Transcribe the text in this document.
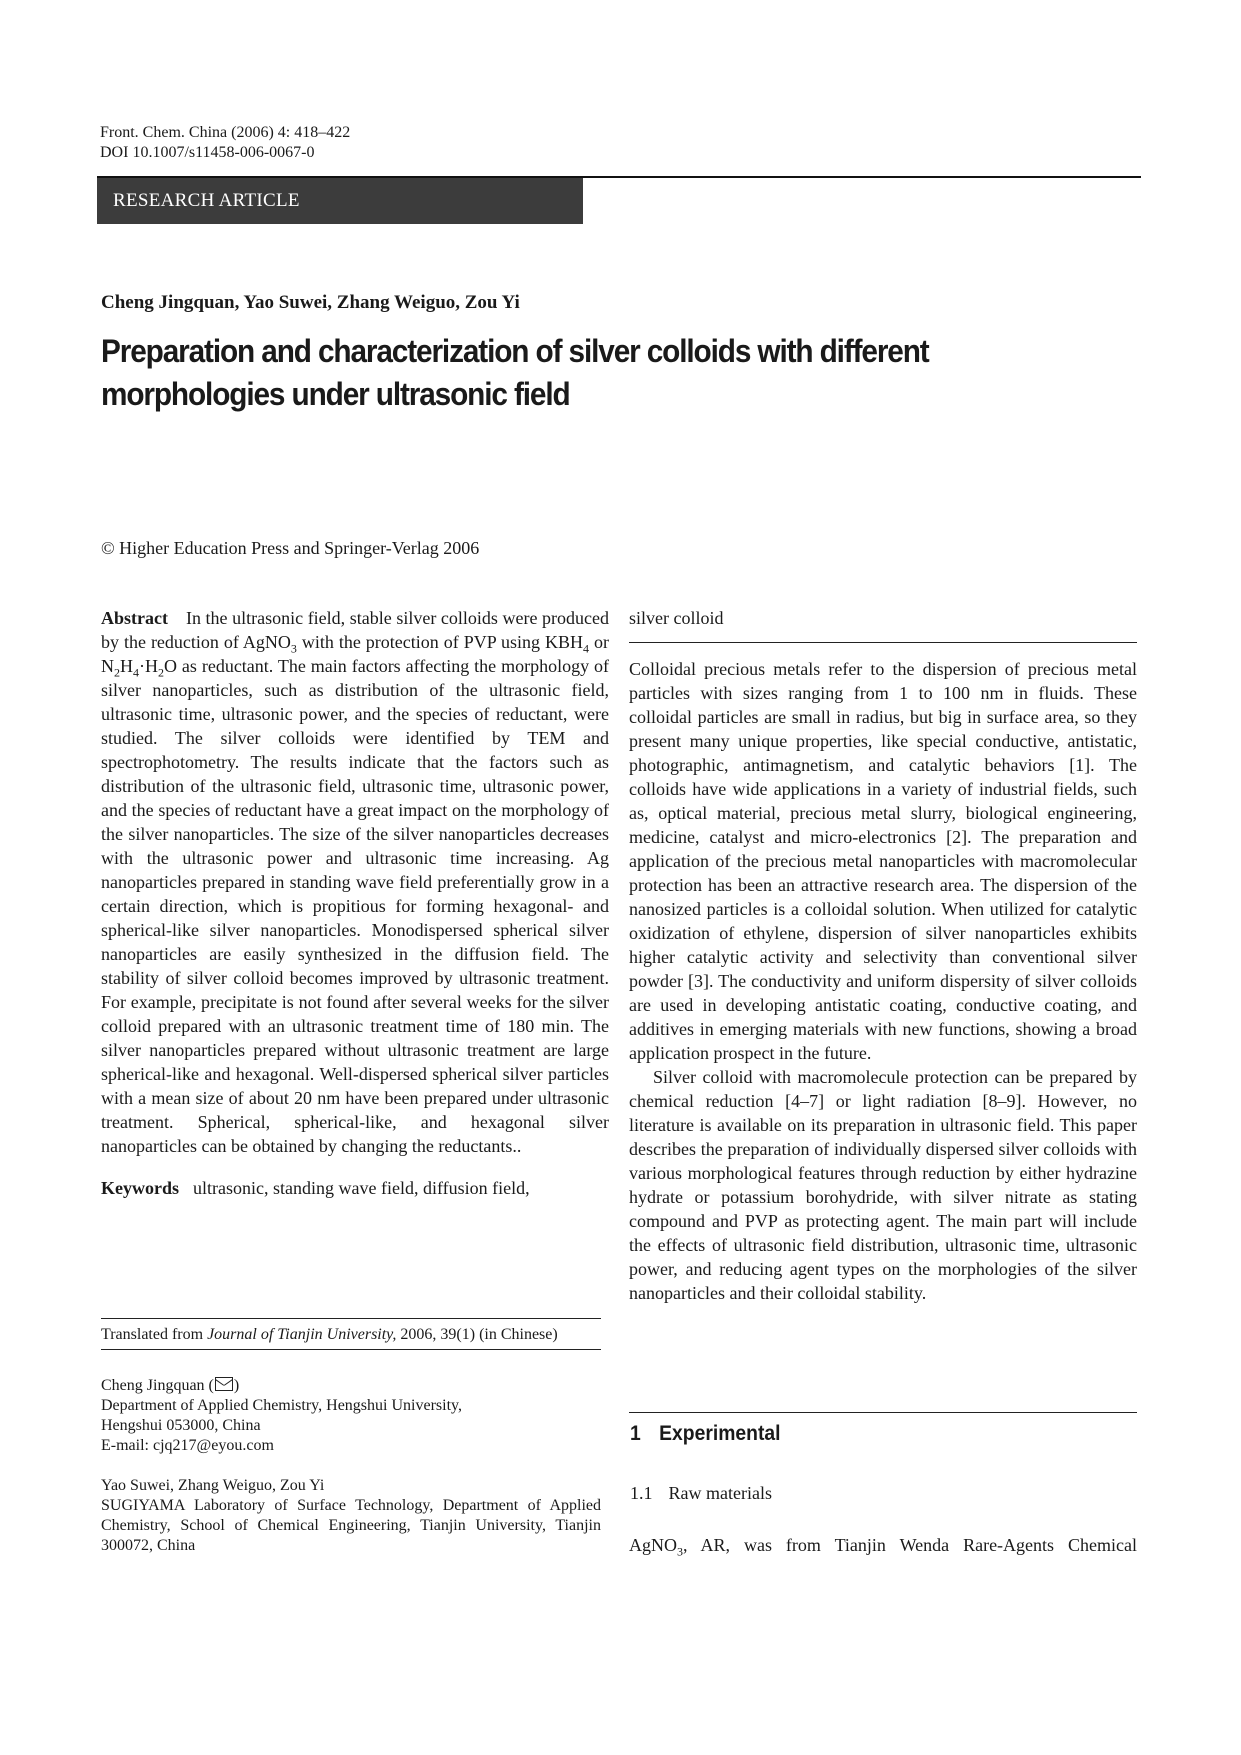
Front. Chem. China (2006) 4: 418–422
DOI 10.1007/s11458-006-0067-0
RESEARCH ARTICLE
Cheng Jingquan, Yao Suwei, Zhang Weiguo, Zou Yi
Preparation and characterization of silver colloids with different
morphologies under ultrasonic field
© Higher Education Press and Springer-Verlag 2006

Abstract In the ultrasonic field, stable silver colloids were produced by the reduction of AgNO$_3$ with the protection of PVP using $KBH_4$ or $N_2H_4\cdot H_2O$ as reductant. The main factors affecting the morphology of silver nanoparticles, such as distribution of the ultrasonic field, ultrasonic time, ultrasonic power, and the species of reductant, were studied. The silver colloids were identified by TEM and spectrophotometry. The results indicate that the factors such as distribution of the ultrasonic field, ultrasonic time, ultrasonic power, and the species of reductant have a great impact on the morphology of the silver nanoparticles. The size of the silver nanoparticles decreases with the ultrasonic power and ultrasonic time increasing. Ag nanoparticles prepared in standing wave field preferentially grow in a certain direction, which is propitious for forming hexagonal- and spherical-like silver nanoparticles. Monodispersed spherical silver nanoparticles are easily synthesized in the diffusion field. The stability of silver colloid becomes improved by ultrasonic treatment. For example, precipitate is not found after several weeks for the silver colloid prepared with an ultrasonic treatment time of 180 min. The silver nanoparticles prepared without ultrasonic treatment are large spherical-like and hexagonal. Well-dispersed spherical silver particles with a mean size of about 20 nm have been prepared under ultrasonic treatment. Spherical, spherical-like, and hexagonal silver nanoparticles can be obtained by changing the reductants..

Keywords ultrasonic, standing wave field, diffusion field,

Translated from Journal of Tianjin University, 2006, 39(1) (in Chinese)

Cheng Jingquan ( )

Department of Applied Chemistry, Hengshui University,

Hengshui 053000, China

E-mail: cjq217@eyou.com

Yao Suwei, Zhang Weiguo, Zou Yi

SUGIYAMA Laboratory of Surface Technology, Department of Applied Chemistry, School of Chemical Engineering, Tianjin University, Tianjin 300072, China

silver colloid

Colloidal precious metals refer to the dispersion of precious metal particles with sizes ranging from 1 to 100 nm in fluids. These colloidal particles are small in radius, but big in surface area, so they present many unique properties, like special conductive, antistatic, photographic, antimagnetism, and catalytic behaviors [1]. The colloids have wide applications in a variety of industrial fields, such as, optical material, precious metal slurry, biological engineering, medicine, catalyst and micro-electronics [2]. The preparation and application of the precious metal nanoparticles with macromolecular protection has been an attractive research area. The dispersion of the nanosized particles is a colloidal solution. When utilized for catalytic oxidization of ethylene, dispersion of silver nanoparticles exhibits higher catalytic activity and selectivity than conventional silver powder [3]. The conductivity and uniform dispersity of silver colloids are used in developing antistatic coating, conductive coating, and additives in emerging materials with new functions, showing a broad application prospect in the future.

Silver colloid with macromolecule protection can be prepared by chemical reduction [4–7] or light radiation [8–9]. However, no literature is available on its preparation in ultrasonic field. This paper describes the preparation of individually dispersed silver colloids with various morphological features through reduction by either hydrazine hydrate or potassium borohydride, with silver nitrate as stating compound and PVP as protecting agent. The main part will include the effects of ultrasonic field distribution, ultrasonic time, ultrasonic power, and reducing agent types on the morphologies of the silver nanoparticles and their colloidal stability.

1 Experimental
1.1 Raw materials
AgNO$_3$, AR, was from Tianjin Wenda Rare-Agents Chemical
